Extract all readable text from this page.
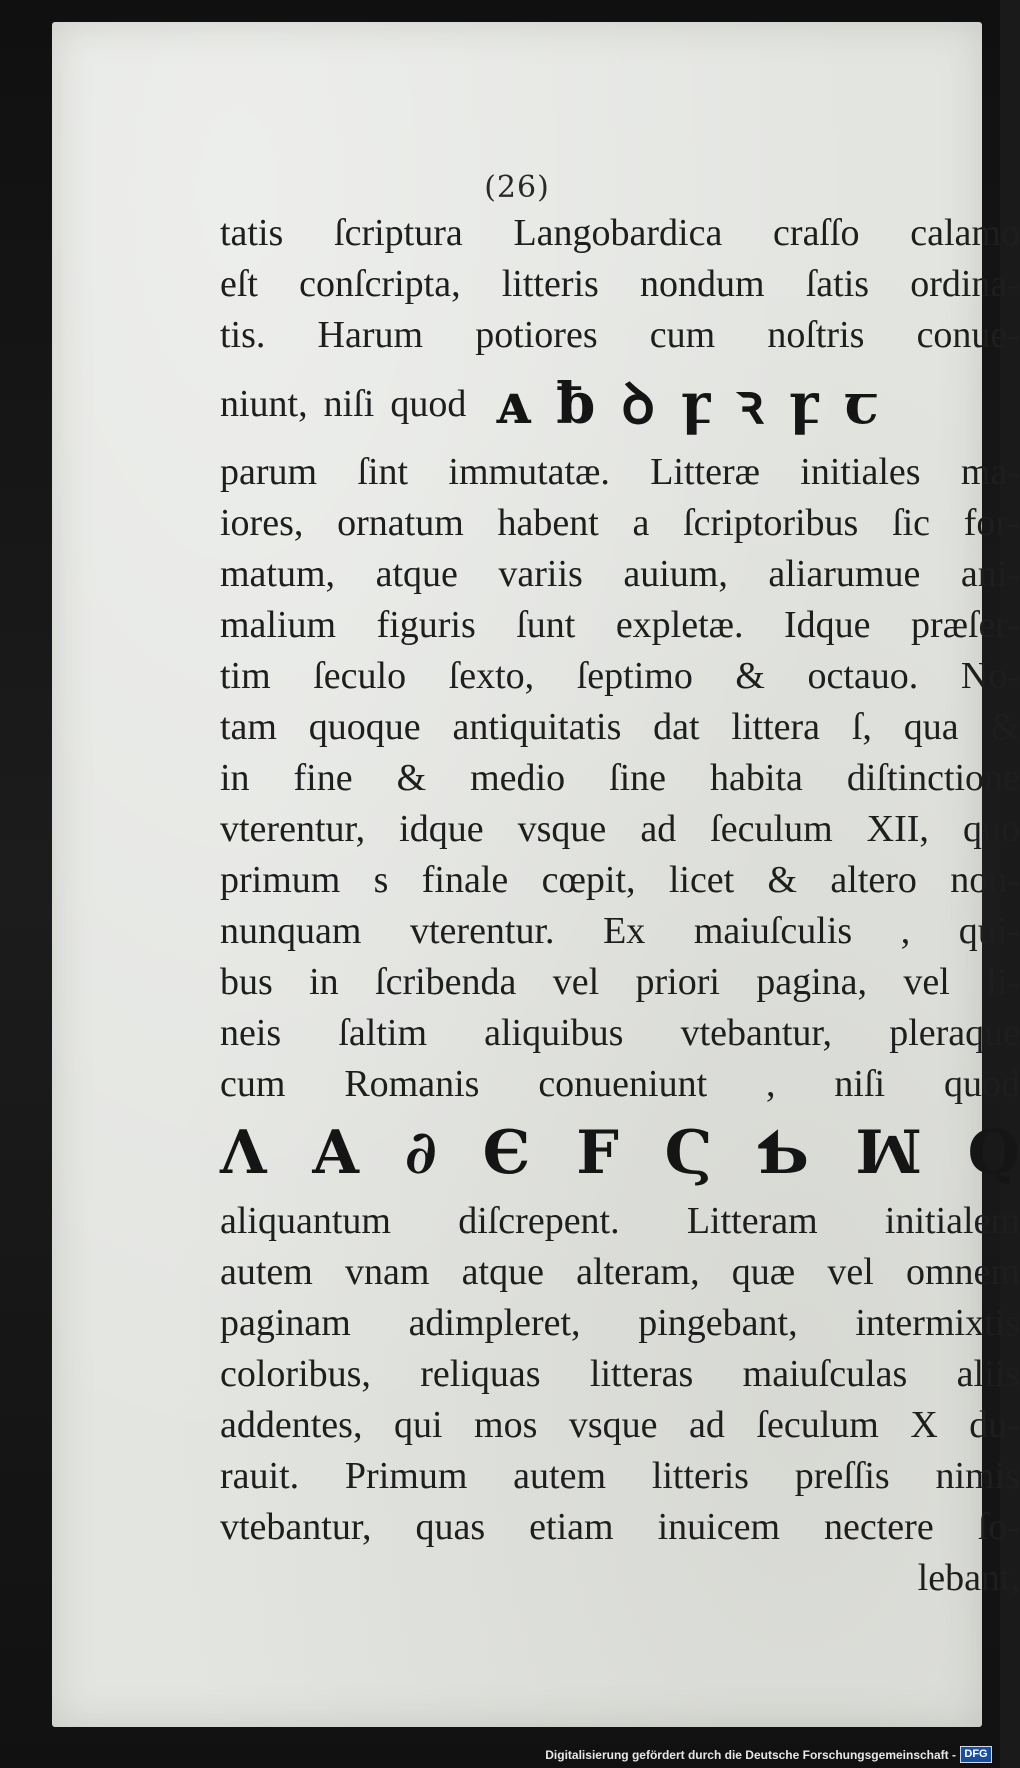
(26)
tatis ſcriptura Langobardica craſſo calamo
eſt conſcripta, litteris nondum ſatis ordina-
tis. Harum potiores cum noſtris conue-
niunt, niſi quod ᴀ ƀ ꝺ ꝼ ꝛ ꝼ ꞇ
parum ſint immutatæ. Litteræ initiales ma-
iores, ornatum habent a ſcriptoribus ſic for-
matum, atque variis auium, aliarumue ani-
malium figuris ſunt expletæ. Idque præſer-
tim ſeculo ſexto, ſeptimo & octauo. No-
tam quoque antiquitatis dat littera ſ, qua &
in fine & medio ſine habita diſtinctione
vterentur, idque vsque ad ſeculum XII, quo
primum s finale cœpit, licet & altero non-
nunquam vterentur. Ex maiuſculis , qui-
bus in ſcribenda vel priori pagina, vel li-
neis ſaltim aliquibus vtebantur, pleraque
cum Romanis conueniunt , niſi quod
Λ A ∂ Є F Ϛ Ƅ ꟽ Q
aliquantum diſcrepent. Litteram initialem
autem vnam atque alteram, quæ vel omnem
paginam adimpleret, pingebant, intermixtis
coloribus, reliquas litteras maiuſculas aliis
addentes, qui mos vsque ad ſeculum X du-
rauit. Primum autem litteris preſſis nimis
vtebantur, quas etiam inuicem nectere ſo-
lebant,
Digitalisierung gefördert durch die Deutsche Forschungsgemeinschaft - DFG
